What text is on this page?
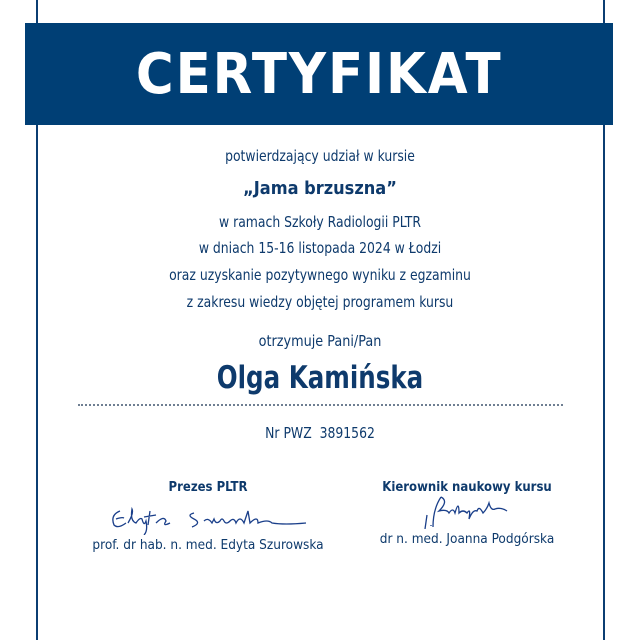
CERTYFIKAT
potwierdzający udział w kursie
„Jama brzuszna”
w ramach Szkoły Radiologii PLTR
w dniach 15-16 listopada 2024 w Łodzi
oraz uzyskanie pozytywnego wyniku z egzaminu
z zakresu wiedzy objętej programem kursu
otrzymuje Pani/Pan
Olga Kamińska
Nr PWZ  3891562
Prezes PLTR
prof. dr hab. n. med. Edyta Szurowska
Kierownik naukowy kursu
dr n. med. Joanna Podgórska
